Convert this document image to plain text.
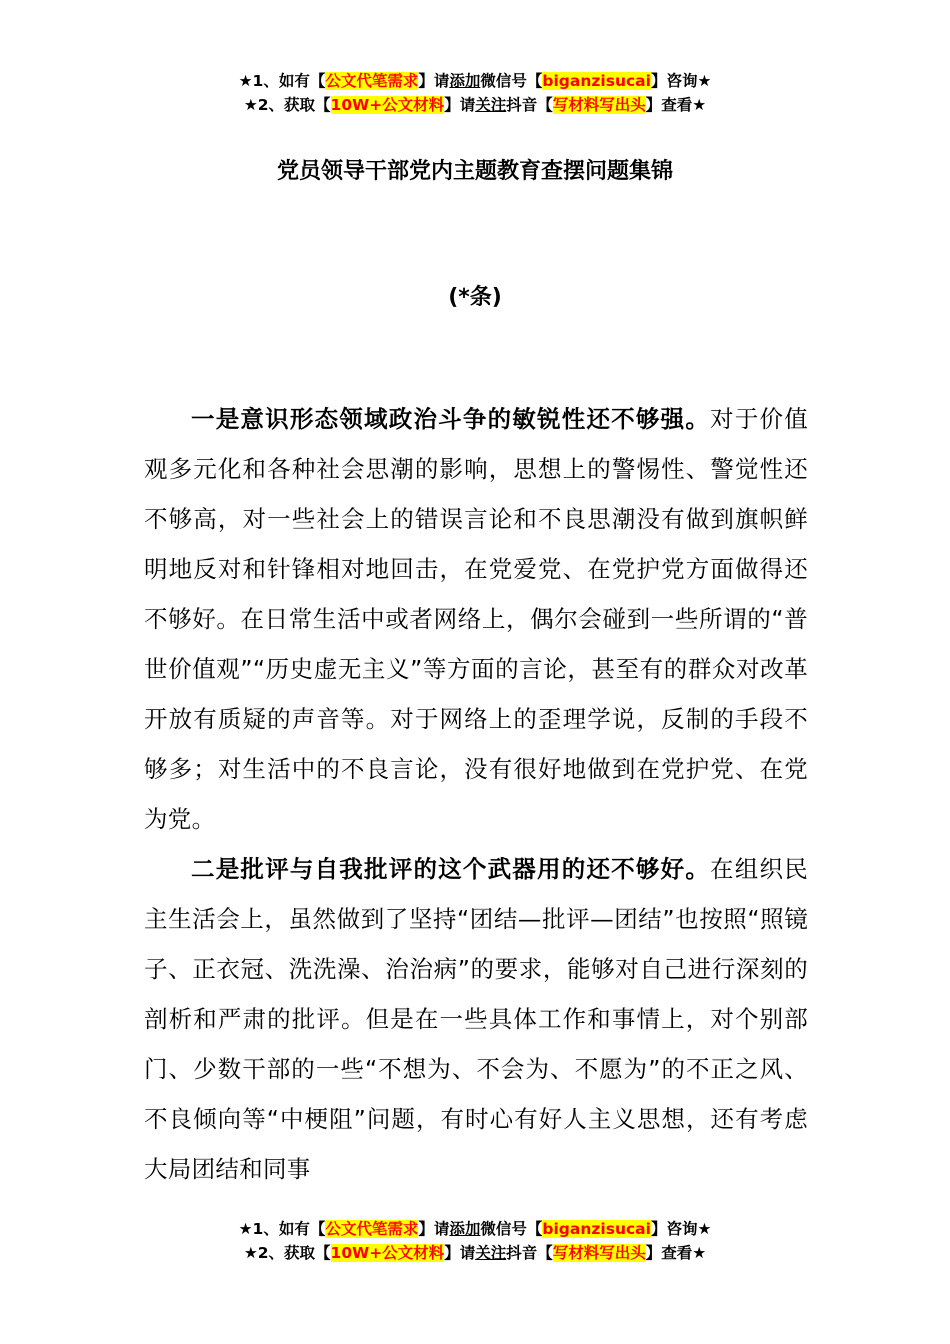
★1、如有【公文代笔需求】请添加微信号【biganzisucai】咨询★
★2、获取【10W+公文材料】请关注抖音【写材料写出头】查看★
党员领导干部党内主题教育查摆问题集锦
(*条)

一是意识形态领域政治斗争的敏锐性还不够强。对于价值观多元化和各种社会思潮的影响，思想上的警惕性、警觉性还不够高，对一些社会上的错误言论和不良思潮没有做到旗帜鲜明地反对和针锋相对地回击，在党爱党、在党护党方面做得还不够好。在日常生活中或者网络上，偶尔会碰到一些所谓的“普世价值观”“历史虚无主义”等方面的言论，甚至有的群众对改革开放有质疑的声音等。对于网络上的歪理学说，反制的手段不够多；对生活中的不良言论，没有很好地做到在党护党、在党为党。

二是批评与自我批评的这个武器用的还不够好。在组织民主生活会上，虽然做到了坚持“团结—批评—团结”也按照“照镜子、正衣冠、洗洗澡、治治病”的要求，能够对自己进行深刻的剖析和严肃的批评。但是在一些具体工作和事情上，对个别部门、少数干部的一些“不想为、不会为、不愿为”的不正之风、不良倾向等“中梗阻”问题，有时心有好人主义思想，还有考虑大局团结和同事

★1、如有【公文代笔需求】请添加微信号【biganzisucai】咨询★
★2、获取【10W+公文材料】请关注抖音【写材料写出头】查看★
